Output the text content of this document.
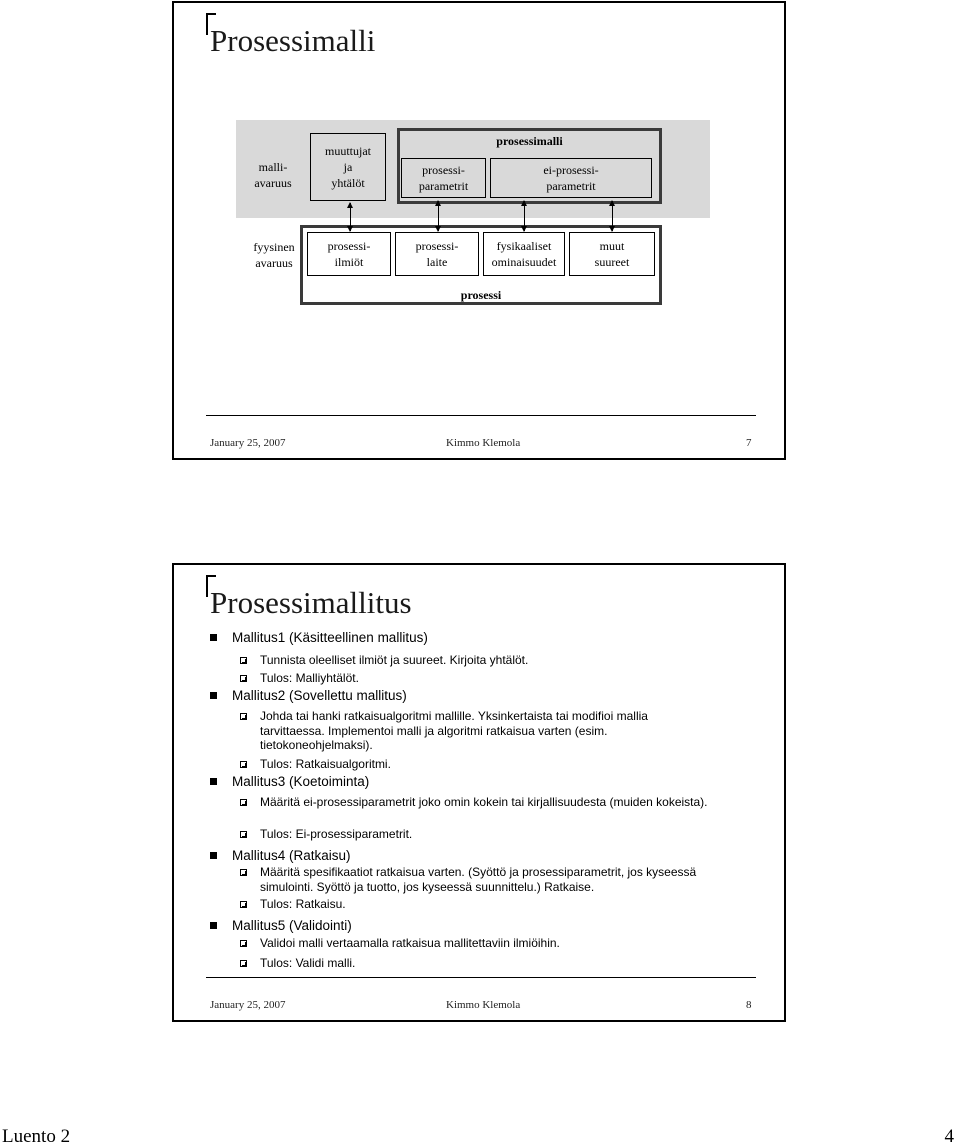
Prosessimalli
malli-
avaruus
muuttujat
ja
yhtälöt
prosessimalli
prosessi-
parametrit
ei-prosessi-
parametrit
fyysinen
avaruus
prosessi-
ilmiöt
prosessi-
laite
fysikaaliset
ominaisuudet
muut
suureet
prosessi
January 25, 2007	Kimmo Klemola	7
Prosessimallitus
Mallitus1 (Käsitteellinen mallitus)
Tunnista oleelliset ilmiöt ja suureet. Kirjoita yhtälöt.
Tulos: Malliyhtälöt.
Mallitus2 (Sovellettu mallitus)
Johda tai hanki ratkaisualgoritmi mallille. Yksinkertaista tai modifioi mallia tarvittaessa. Implementoi malli ja algoritmi ratkaisua varten (esim. tietokoneohjelmaksi).
Tulos: Ratkaisualgoritmi.
Mallitus3 (Koetoiminta)
Määritä ei-prosessiparametrit joko omin kokein tai kirjallisuudesta (muiden kokeista).
Tulos: Ei-prosessiparametrit.
Mallitus4 (Ratkaisu)
Määritä spesifikaatiot ratkaisua varten. (Syöttö ja prosessiparametrit, jos kyseessä simulointi. Syöttö ja tuotto, jos kyseessä suunnittelu.) Ratkaise.
Tulos: Ratkaisu.
Mallitus5 (Validointi)
Validoi malli vertaamalla ratkaisua mallitettaviin ilmiöihin.
Tulos: Validi malli.
January 25, 2007	Kimmo Klemola	8
Luento 2	4
